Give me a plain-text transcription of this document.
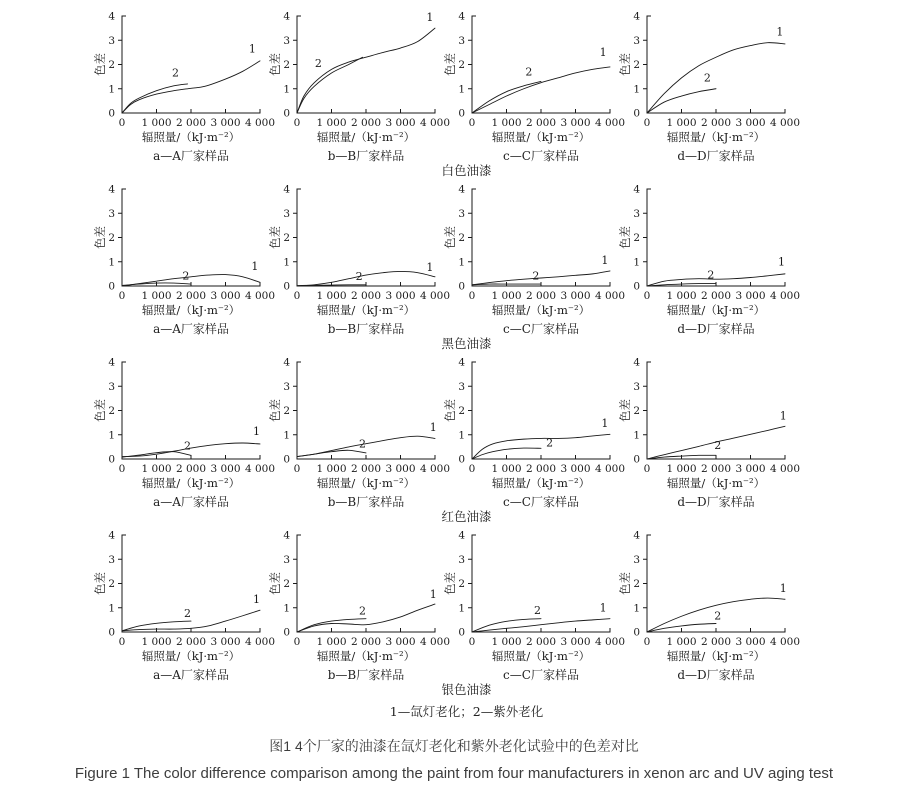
0
1
2
3
4
0 1 000 2 000 3 000 4 000
色差
辐照量/（kJ·m⁻²）
1
2
a—A厂家样品
0
1
2
3
4
0 1 000 2 000 3 000 4 000
色差
辐照量/（kJ·m⁻²）
1
2
b—B厂家样品
0
1
2
3
4
0 1 000 2 000 3 000 4 000
色差
辐照量/（kJ·m⁻²）
1
2
c—C厂家样品
0
1
2
3
4
0 1 000 2 000 3 000 4 000
色差
辐照量/（kJ·m⁻²）
1
2
d—D厂家样品
白色油漆
0
1
2
3
4
0 1 000 2 000 3 000 4 000
色差
辐照量/（kJ·m⁻²）
1
2
a—A厂家样品
0
1
2
3
4
0 1 000 2 000 3 000 4 000
色差
辐照量/（kJ·m⁻²）
1
2
b—B厂家样品
0
1
2
3
4
0 1 000 2 000 3 000 4 000
色差
辐照量/（kJ·m⁻²）
1
2
c—C厂家样品
0
1
2
3
4
0 1 000 2 000 3 000 4 000
色差
辐照量/（kJ·m⁻²）
1
2
d—D厂家样品
黑色油漆
0
1
2
3
4
0 1 000 2 000 3 000 4 000
色差
辐照量/（kJ·m⁻²）
1
2
a—A厂家样品
0
1
2
3
4
0 1 000 2 000 3 000 4 000
色差
辐照量/（kJ·m⁻²）
1
2
b—B厂家样品
0
1
2
3
4
0 1 000 2 000 3 000 4 000
色差
辐照量/（kJ·m⁻²）
1
2
c—C厂家样品
0
1
2
3
4
0 1 000 2 000 3 000 4 000
色差
辐照量/（kJ·m⁻²）
1
2
d—D厂家样品
红色油漆
0
1
2
3
4
0 1 000 2 000 3 000 4 000
色差
辐照量/（kJ·m⁻²）
1
2
a—A厂家样品
0
1
2
3
4
0 1 000 2 000 3 000 4 000
色差
辐照量/（kJ·m⁻²）
1
2
b—B厂家样品
0
1
2
3
4
0 1 000 2 000 3 000 4 000
色差
辐照量/（kJ·m⁻²）
1
2
c—C厂家样品
0
1
2
3
4
0 1 000 2 000 3 000 4 000
色差
辐照量/（kJ·m⁻²）
1
2
d—D厂家样品
银色油漆
1—氙灯老化；2—紫外老化
图1 4个厂家的油漆在氙灯老化和紫外老化试验中的色差对比
Figure 1 The color difference comparison among the paint from four manufacturers in xenon arc and UV aging test
